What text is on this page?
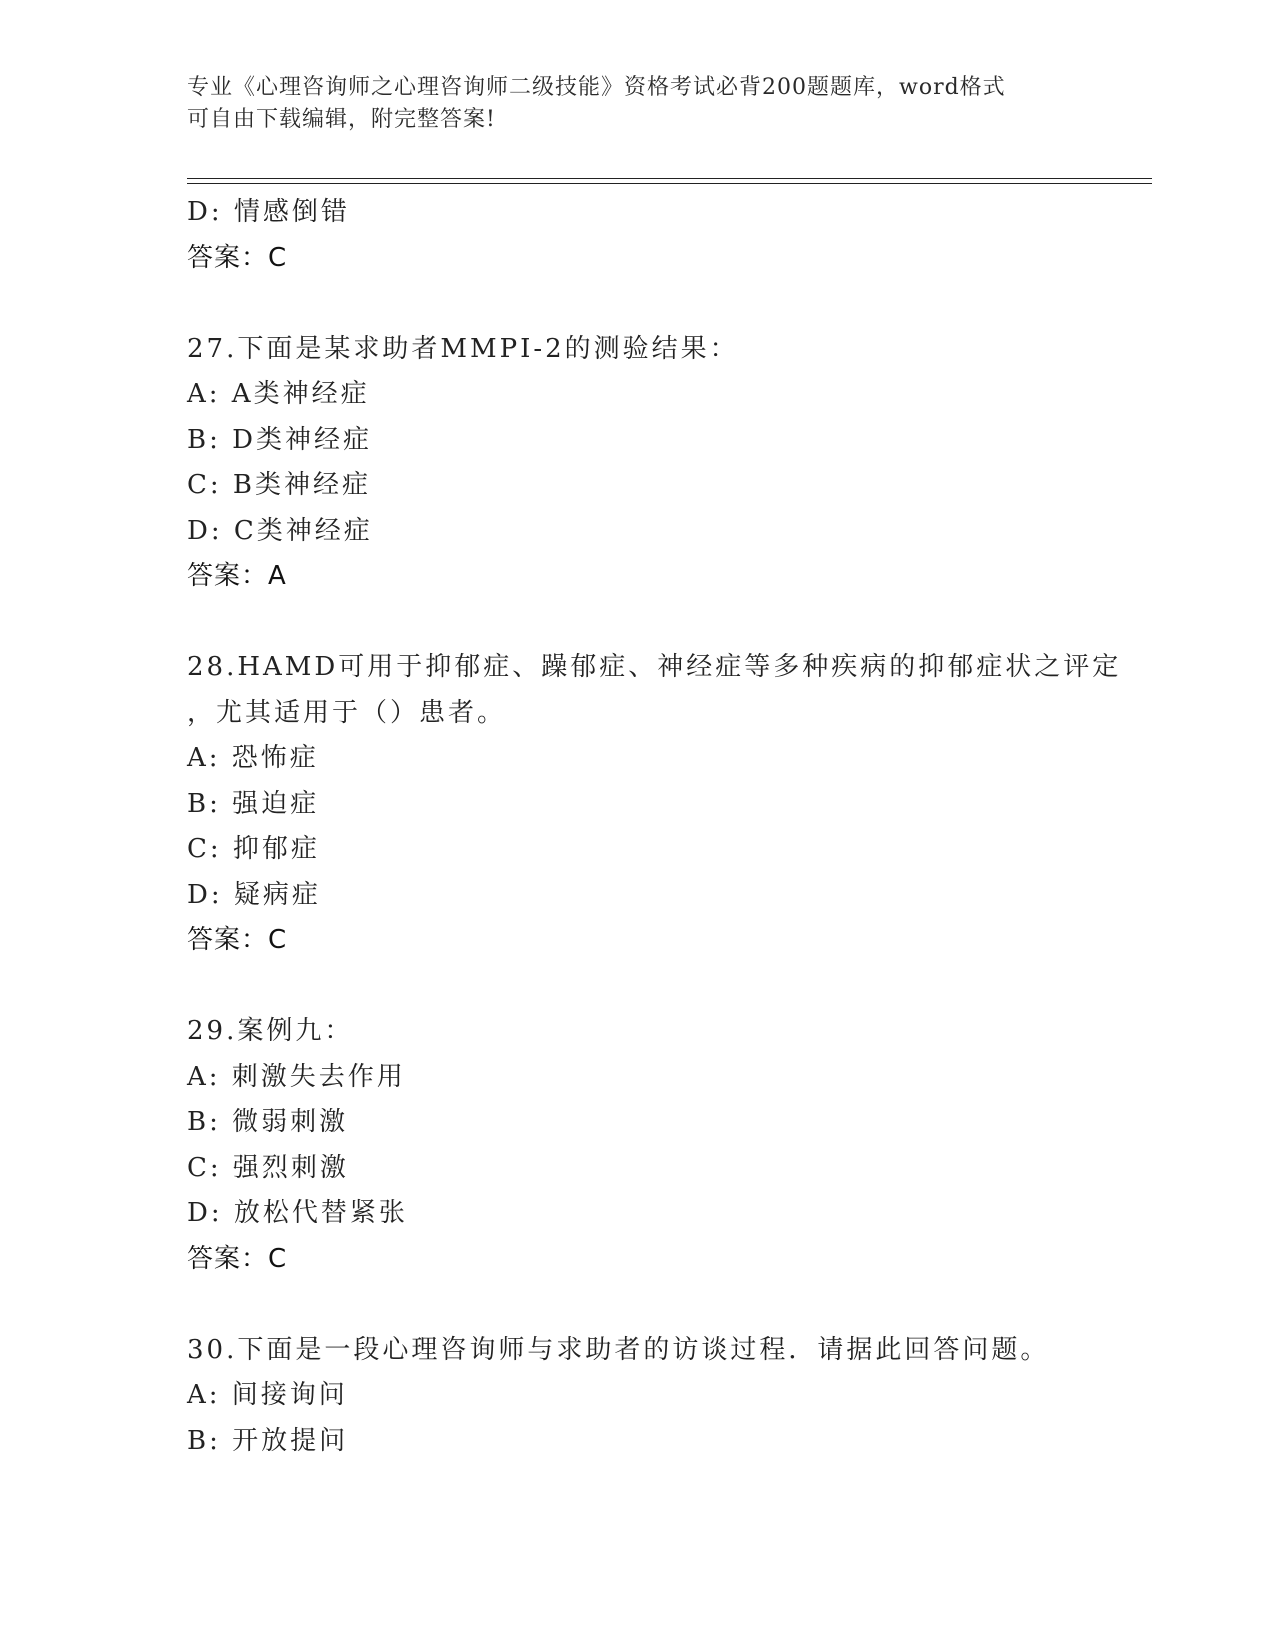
专业《心理咨询师之心理咨询师二级技能》资格考试必背200题题库，word格式
可自由下载编辑，附完整答案!
D: 情感倒错
答案：C
27.下面是某求助者MMPI-2的测验结果：
A: A类神经症
B: D类神经症
C: B类神经症
D: C类神经症
答案：A
28.HAMD可用于抑郁症、躁郁症、神经症等多种疾病的抑郁症状之评定
，尤其适用于（）患者。
A: 恐怖症
B: 强迫症
C: 抑郁症
D: 疑病症
答案：C
29.案例九：
A: 刺激失去作用
B: 微弱刺激
C: 强烈刺激
D: 放松代替紧张
答案：C
30.下面是一段心理咨询师与求助者的访谈过程．请据此回答问题。
A: 间接询问
B: 开放提问
